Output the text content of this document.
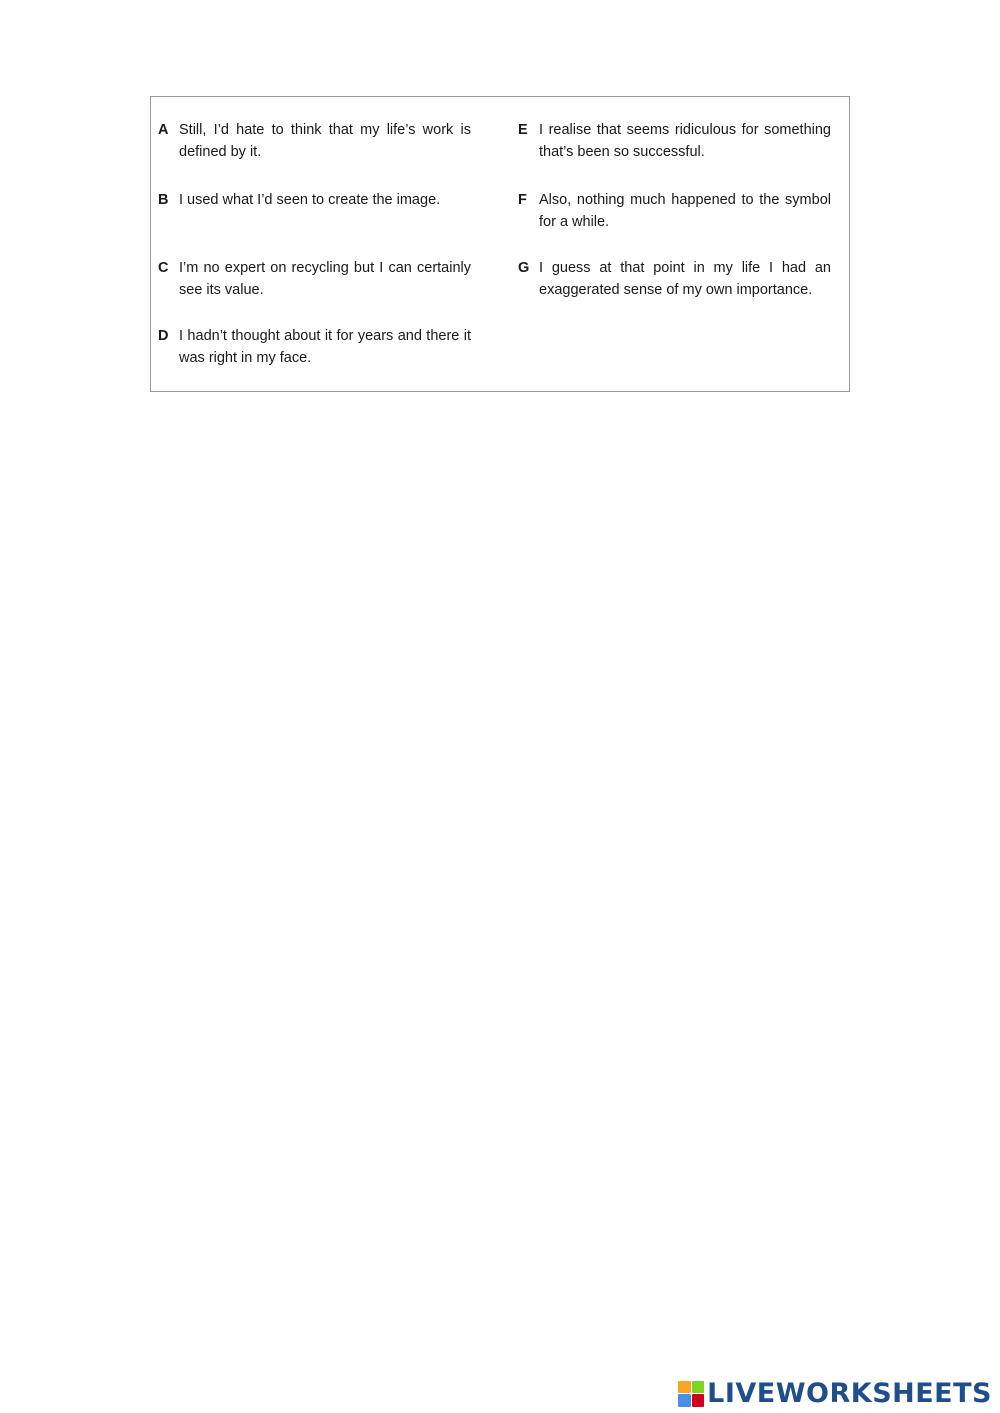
A Still, I’d hate to think that my life’s work is defined by it.
B I used what I’d seen to create the image.
C I’m no expert on recycling but I can certainly see its value.
D I hadn’t thought about it for years and there it was right in my face.
E I realise that seems ridiculous for something that’s been so successful.
F Also, nothing much happened to the symbol for a while.
G I guess at that point in my life I had an exaggerated sense of my own importance.
LIVEWORKSHEETS
